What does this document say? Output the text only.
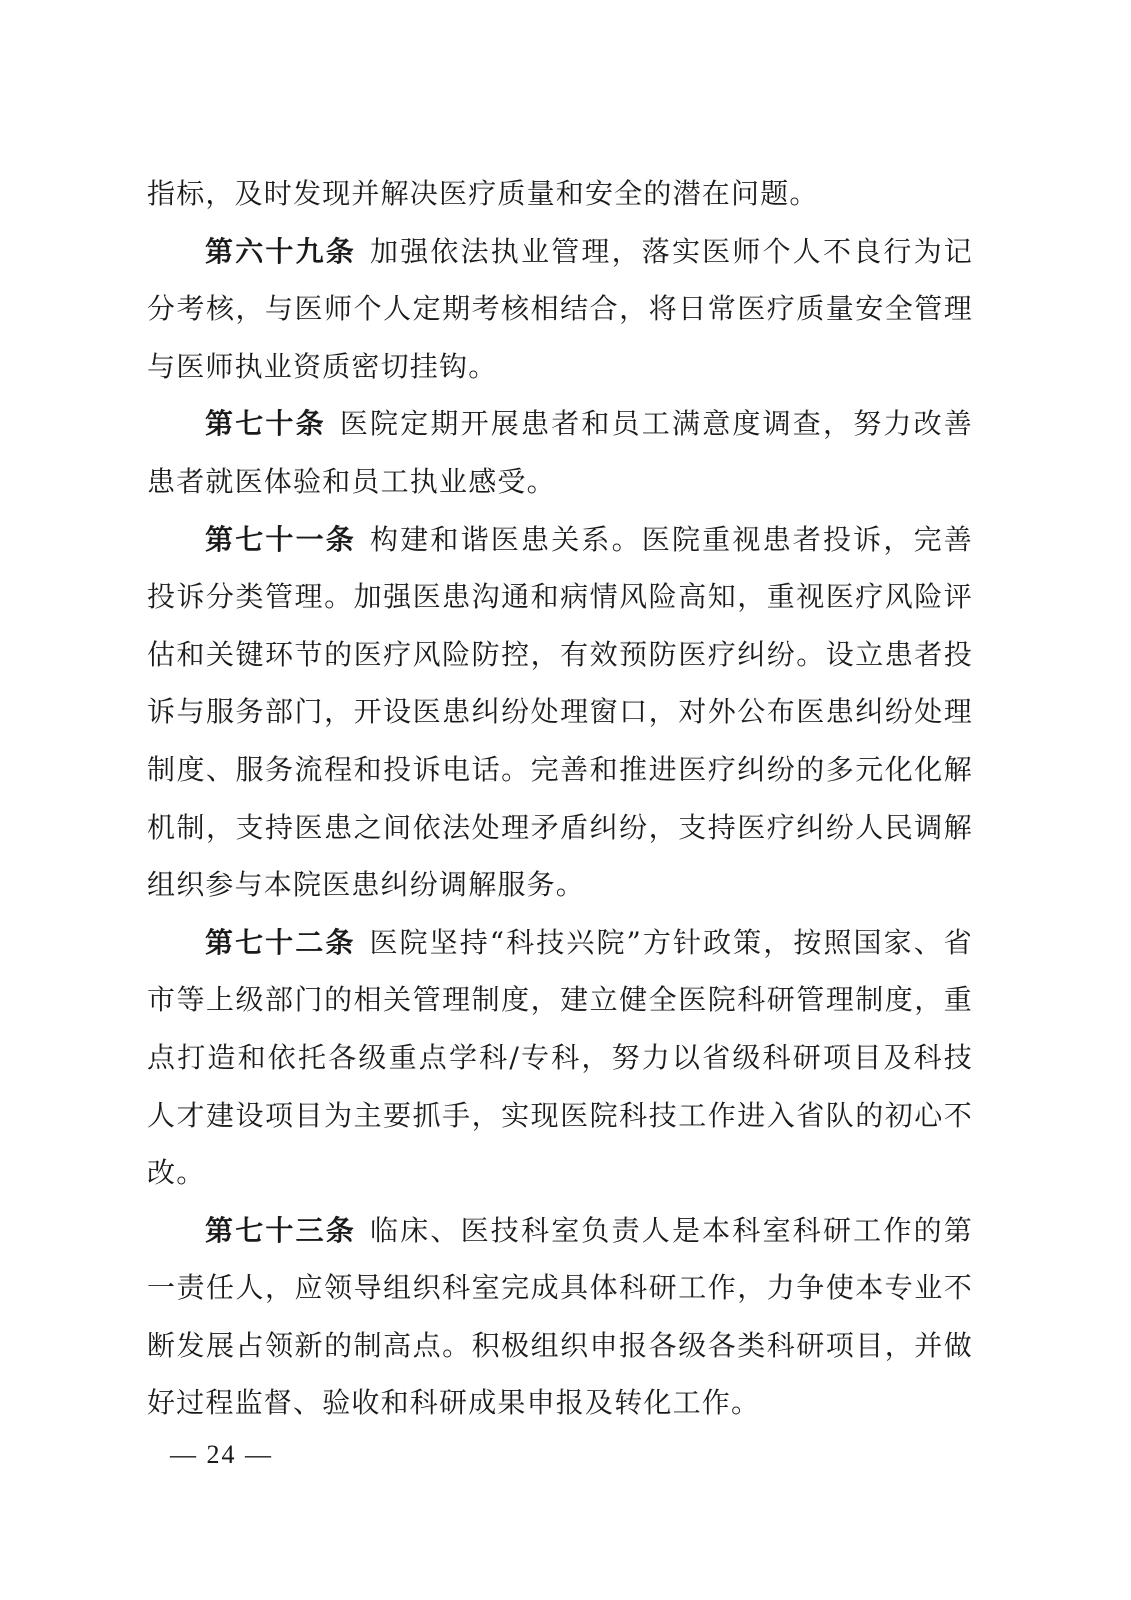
指标，及时发现并解决医疗质量和安全的潜在问题。

第六十九条 加强依法执业管理，落实医师个人不良行为记分考核，与医师个人定期考核相结合，将日常医疗质量安全管理与医师执业资质密切挂钩。

第七十条 医院定期开展患者和员工满意度调查，努力改善患者就医体验和员工执业感受。

第七十一条 构建和谐医患关系。医院重视患者投诉，完善投诉分类管理。加强医患沟通和病情风险高知，重视医疗风险评估和关键环节的医疗风险防控，有效预防医疗纠纷。设立患者投诉与服务部门，开设医患纠纷处理窗口，对外公布医患纠纷处理制度、服务流程和投诉电话。完善和推进医疗纠纷的多元化化解机制，支持医患之间依法处理矛盾纠纷，支持医疗纠纷人民调解组织参与本院医患纠纷调解服务。

第七十二条 医院坚持“科技兴院”方针政策，按照国家、省市等上级部门的相关管理制度，建立健全医院科研管理制度，重点打造和依托各级重点学科/专科，努力以省级科研项目及科技人才建设项目为主要抓手，实现医院科技工作进入省队的初心不改。

第七十三条 临床、医技科室负责人是本科室科研工作的第一责任人，应领导组织科室完成具体科研工作，力争使本专业不断发展占领新的制高点。积极组织申报各级各类科研项目，并做好过程监督、验收和科研成果申报及转化工作。

— 24 —
